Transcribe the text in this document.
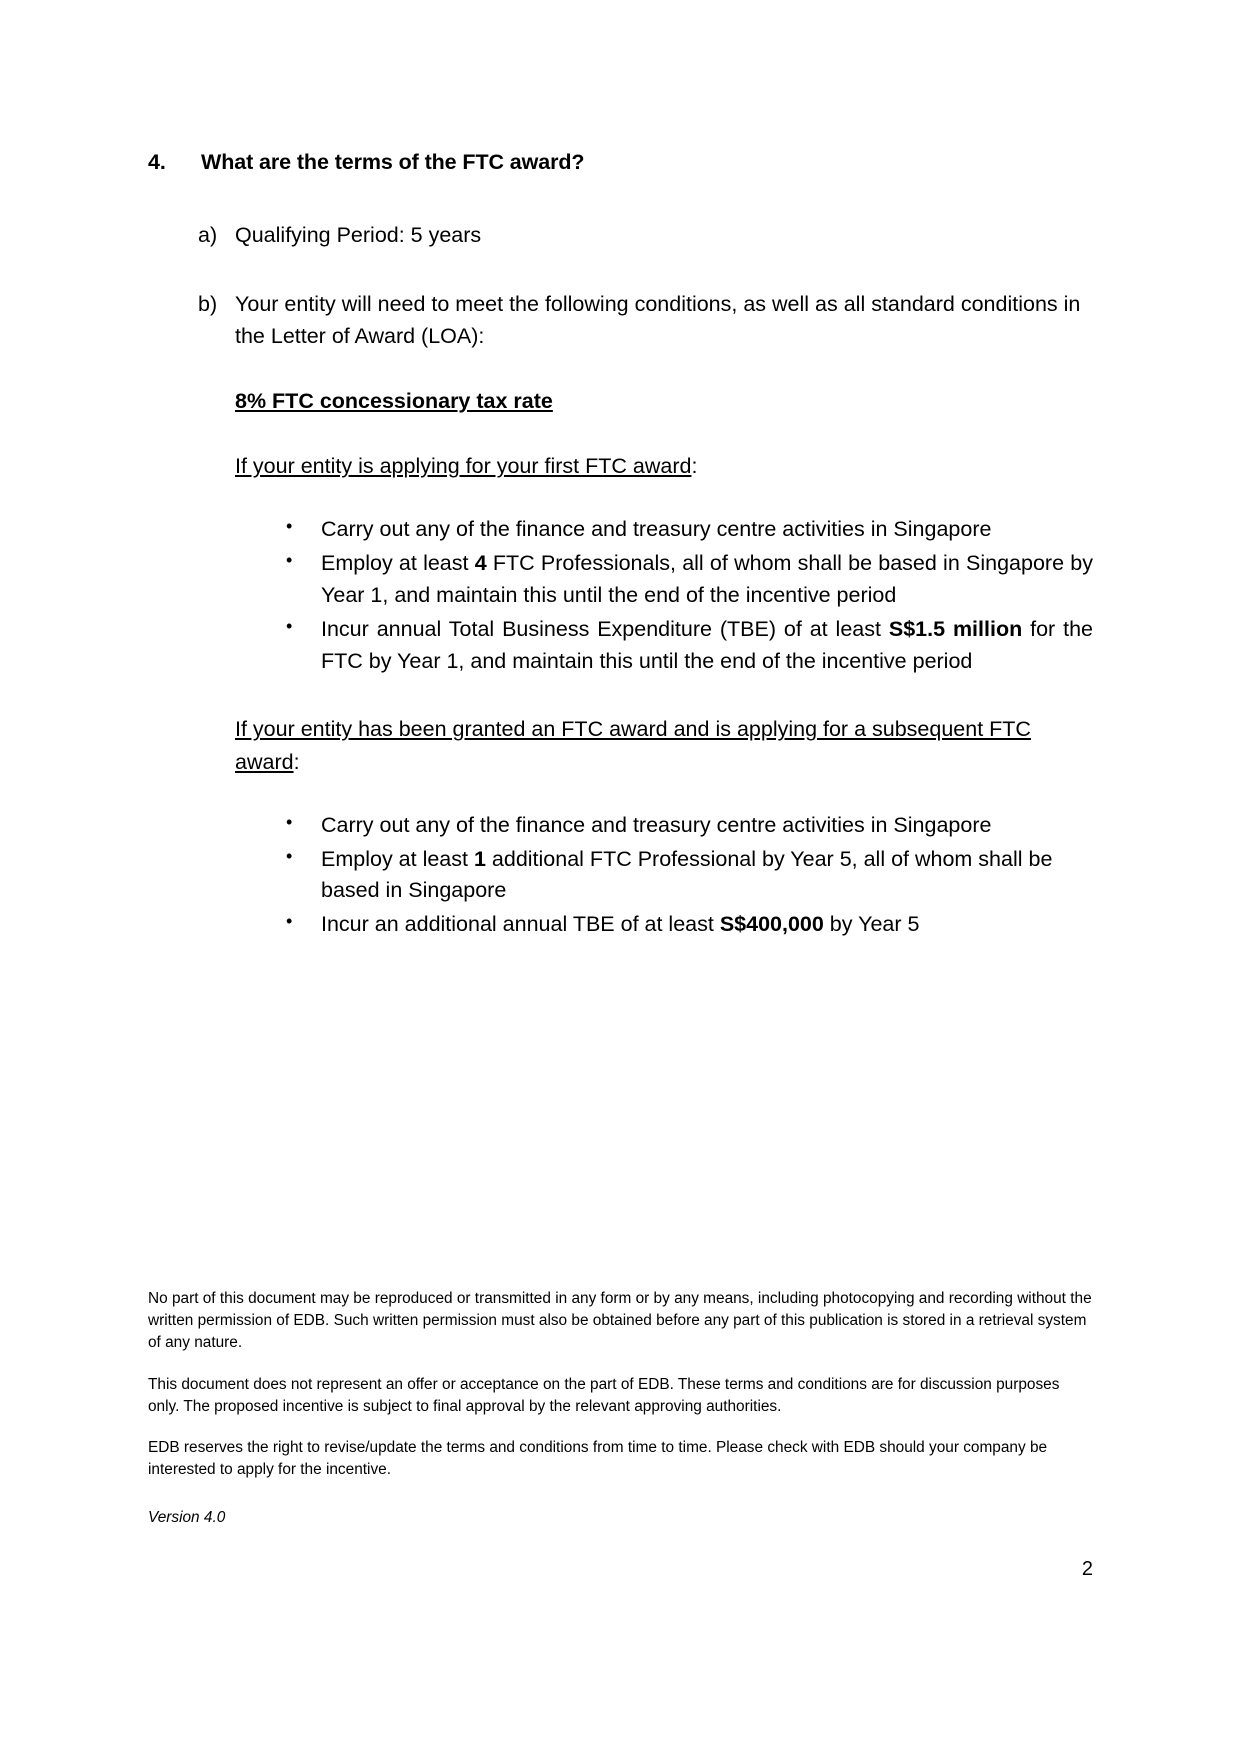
4.	What are the terms of the FTC award?
a) Qualifying Period: 5 years
b) Your entity will need to meet the following conditions, as well as all standard conditions in the Letter of Award (LOA):
8% FTC concessionary tax rate
If your entity is applying for your first FTC award:
• Carry out any of the finance and treasury centre activities in Singapore
• Employ at least 4 FTC Professionals, all of whom shall be based in Singapore by Year 1, and maintain this until the end of the incentive period
• Incur annual Total Business Expenditure (TBE) of at least S$1.5 million for the FTC by Year 1, and maintain this until the end of the incentive period
If your entity has been granted an FTC award and is applying for a subsequent FTC award:
• Carry out any of the finance and treasury centre activities in Singapore
• Employ at least 1 additional FTC Professional by Year 5, all of whom shall be based in Singapore
• Incur an additional annual TBE of at least S$400,000 by Year 5

No part of this document may be reproduced or transmitted in any form or by any means, including photocopying and recording without the written permission of EDB. Such written permission must also be obtained before any part of this publication is stored in a retrieval system of any nature.

This document does not represent an offer or acceptance on the part of EDB. These terms and conditions are for discussion purposes only. The proposed incentive is subject to final approval by the relevant approving authorities.

EDB reserves the right to revise/update the terms and conditions from time to time. Please check with EDB should your company be interested to apply for the incentive.

Version 4.0

2
